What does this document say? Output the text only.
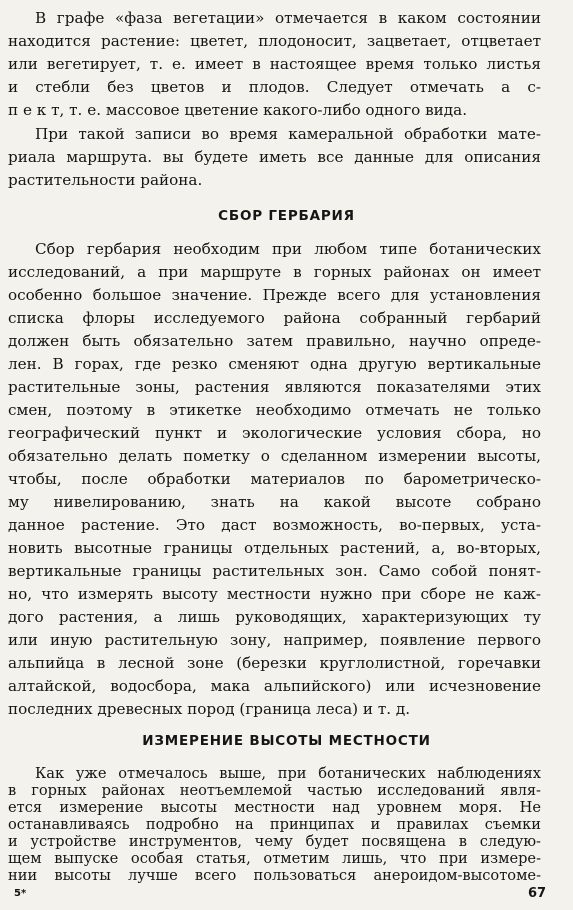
В графе «фаза вегетации» отмечается в каком состоянии
находится растение: цветет, плодоносит, зацветает, отцветает
или вегетирует, т. е. имеет в настоящее время только листья
и стебли без цветов и плодов. Следует отмечать а с-
п е к т, т. е. массовое цветение какого-либо одного вида.
При такой записи во время камеральной обработки мате-
риала маршрута. вы будете иметь все данные для описания
растительности района.
СБОР ГЕРБАРИЯ
Сбор гербария необходим при любом типе ботанических
исследований, а при маршруте в горных районах он имеет
особенно большое значение. Прежде всего для установления
списка флоры исследуемого района собранный гербарий
должен быть обязательно затем правильно, научно опреде-
лен. В горах, где резко сменяют одна другую вертикальные
растительные зоны, растения являются показателями этих
смен, поэтому в этикетке необходимо отмечать не только
географический пункт и экологические условия сбора, но
обязательно делать пометку о сделанном измерении высоты,
чтобы, после обработки материалов по барометрическо-
му нивелированию, знать на какой высоте собрано
данное растение. Это даст возможность, во-первых, уста-
новить высотные границы отдельных растений, а, во-вторых,
вертикальные границы растительных зон. Само собой понят-
но, что измерять высоту местности нужно при сборе не каж-
дого растения, а лишь руководящих, характеризующих ту
или иную растительную зону, например, появление первого
альпийца в лесной зоне (березки круглолистной, горечавки
алтайской, водосбора, мака альпийского) или исчезновение
последних древесных пород (граница леса) и т. д.
ИЗМЕРЕНИЕ ВЫСОТЫ МЕСТНОСТИ
Как уже отмечалось выше, при ботанических наблюдениях
в горных районах неотъемлемой частью исследований явля-
ется измерение высоты местности над уровнем моря. Не
останавливаясь подробно на принципах и правилах съемки
и устройстве инструментов, чему будет посвящена в следую-
щем выпуске особая статья, отметим лишь, что при измере-
нии высоты лучше всего пользоваться анероидом-высотоме-
5*	67
